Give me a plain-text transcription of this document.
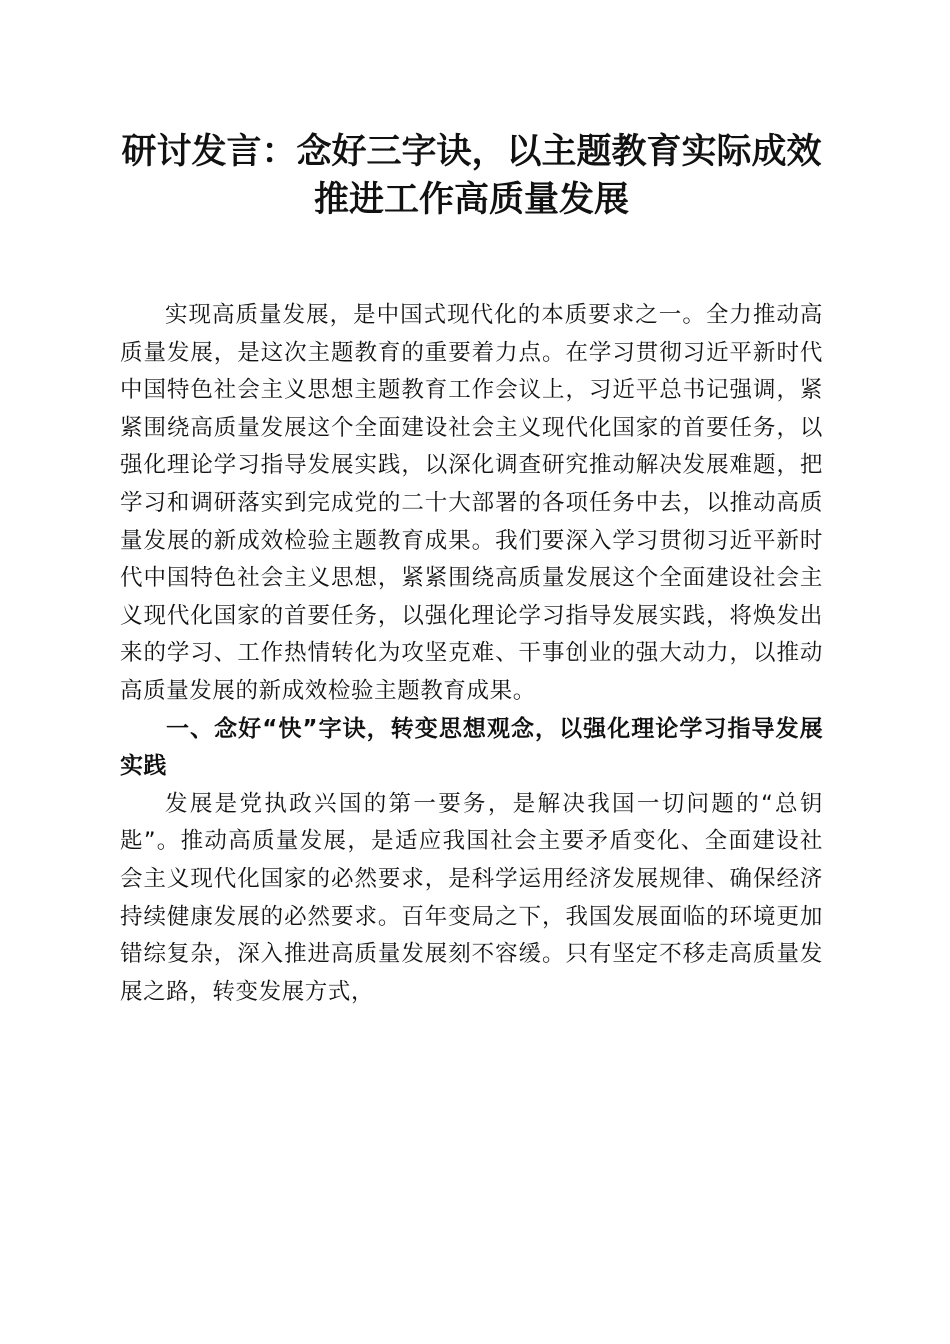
研讨发言：念好三字诀，以主题教育实际成效
推进工作高质量发展

实现高质量发展，是中国式现代化的本质要求之一。全力推动高质量发展，是这次主题教育的重要着力点。在学习贯彻习近平新时代中国特色社会主义思想主题教育工作会议上，习近平总书记强调，紧紧围绕高质量发展这个全面建设社会主义现代化国家的首要任务，以强化理论学习指导发展实践，以深化调查研究推动解决发展难题，把学习和调研落实到完成党的二十大部署的各项任务中去，以推动高质量发展的新成效检验主题教育成果。我们要深入学习贯彻习近平新时代中国特色社会主义思想，紧紧围绕高质量发展这个全面建设社会主义现代化国家的首要任务，以强化理论学习指导发展实践，将焕发出来的学习、工作热情转化为攻坚克难、干事创业的强大动力，以推动高质量发展的新成效检验主题教育成果。

一、念好“快”字诀，转变思想观念，以强化理论学习指导发展实践

发展是党执政兴国的第一要务，是解决我国一切问题的“总钥匙”。推动高质量发展，是适应我国社会主要矛盾变化、全面建设社会主义现代化国家的必然要求，是科学运用经济发展规律、确保经济持续健康发展的必然要求。百年变局之下，我国发展面临的环境更加错综复杂，深入推进高质量发展刻不容缓。只有坚定不移走高质量发展之路，转变发展方式，
